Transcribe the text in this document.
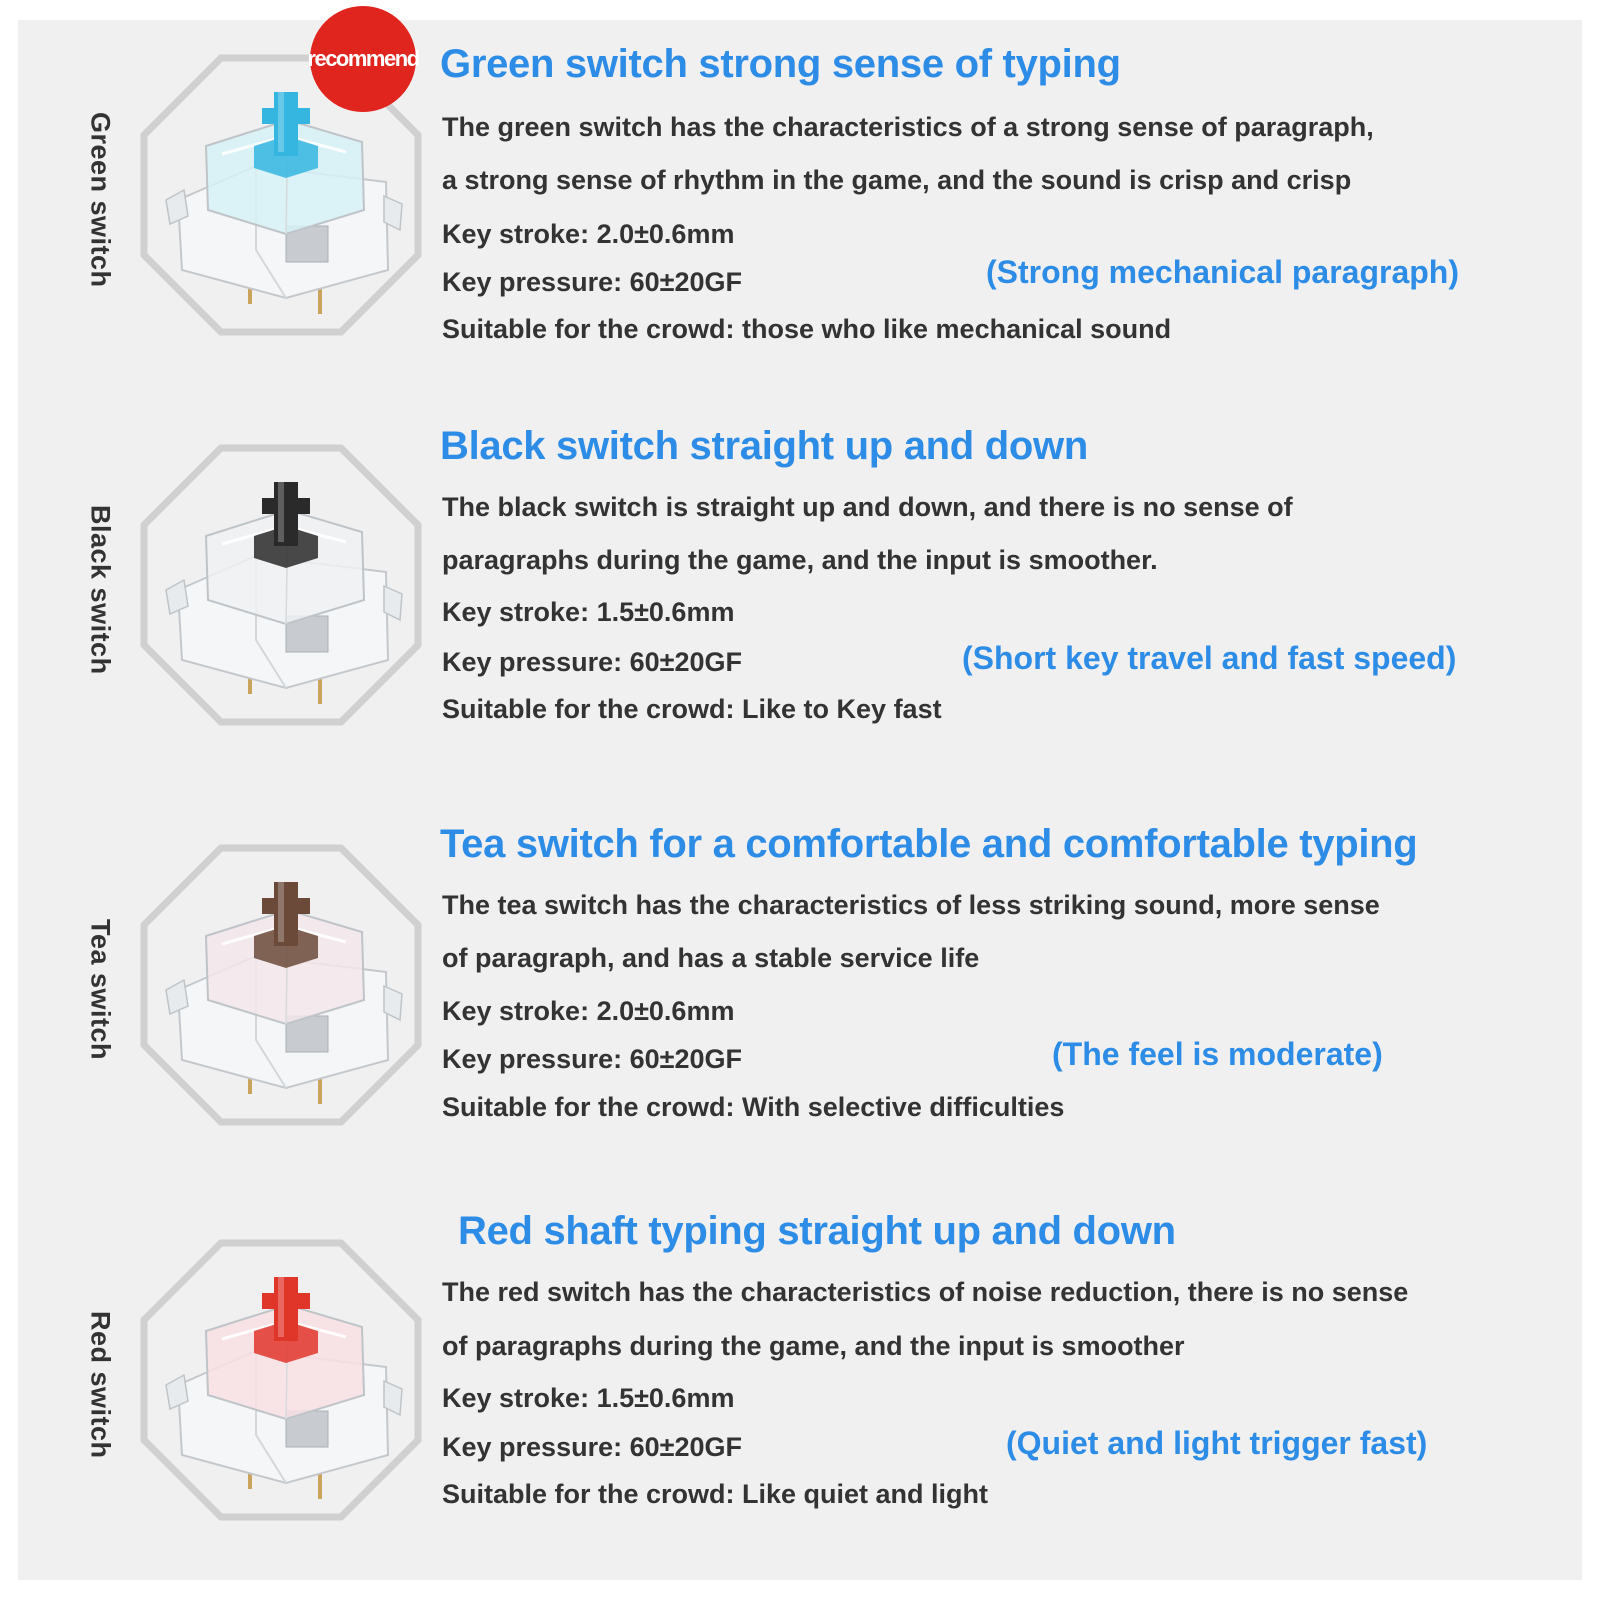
Green switch
recommend Green switch strong sense of typing
The green switch has the characteristics of a strong sense of paragraph,
a strong sense of rhythm in the game, and the sound is crisp and crisp
Key stroke: 2.0±0.6mm
Key pressure: 60±20GF
Suitable for the crowd: those who like mechanical sound
(Strong mechanical paragraph)
Black switch
Black switch straight up and down
The black switch is straight up and down, and there is no sense of
paragraphs during the game, and the input is smoother.
Key stroke: 1.5±0.6mm
Key pressure: 60±20GF
Suitable for the crowd: Like to Key fast
(Short key travel and fast speed)
Tea switch
Tea switch for a comfortable and comfortable typing
The tea switch has the characteristics of less striking sound, more sense
of paragraph, and has a stable service life
Key stroke: 2.0±0.6mm
Key pressure: 60±20GF
Suitable for the crowd: With selective difficulties
(The feel is moderate)
Red switch
Red shaft typing straight up and down
The red switch has the characteristics of noise reduction, there is no sense
of paragraphs during the game, and the input is smoother
Key stroke: 1.5±0.6mm
Key pressure: 60±20GF
Suitable for the crowd: Like quiet and light
(Quiet and light trigger fast)
